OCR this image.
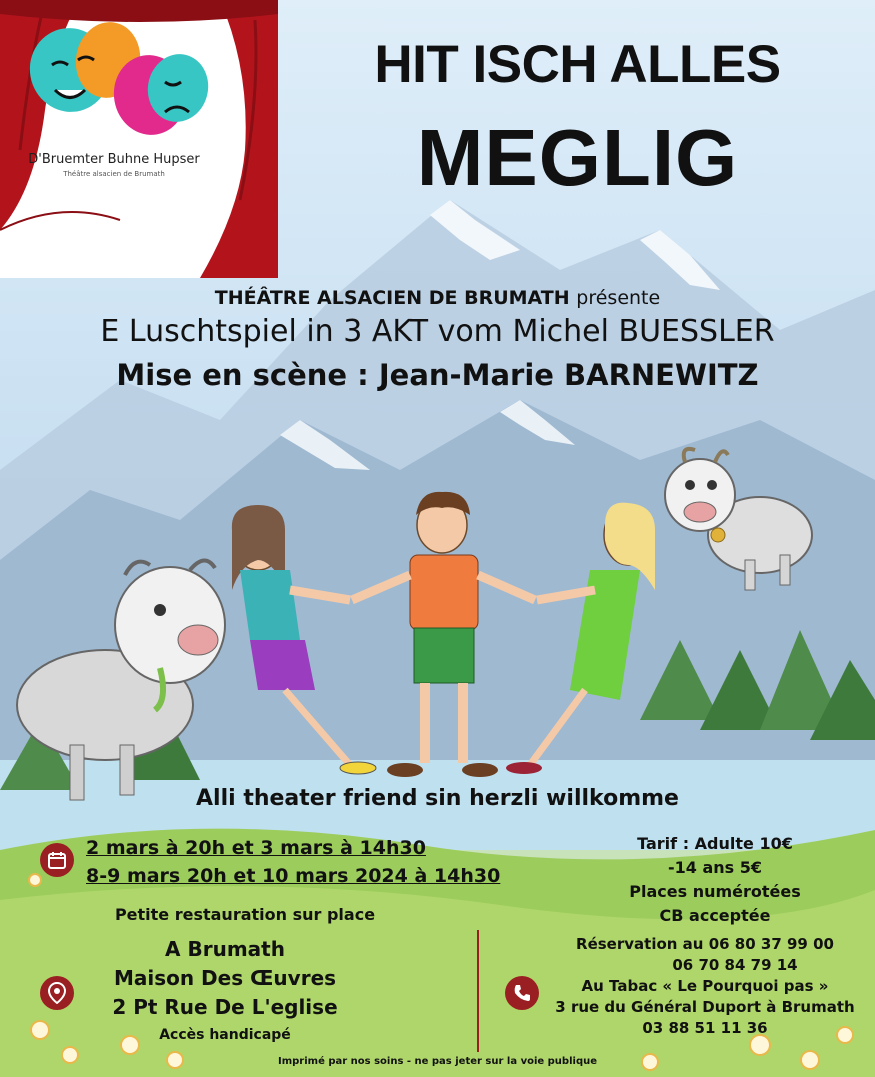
D'Bruemter Buhne Hupser
Théâtre alsacien de Brumath
HIT ISCH ALLES
MEGLIG
THÉÂTRE ALSACIEN DE BRUMATH présente
E Luschtspiel in 3 AKT vom Michel BUESSLER
Mise en scène : Jean-Marie BARNEWITZ
Alli theater friend sin herzli willkomme
2 mars à 20h et 3 mars à 14h30
8-9 mars 20h et 10 mars 2024 à 14h30
Tarif : Adulte 10€
-14 ans 5€
Places numérotées
CB acceptée
Petite restauration sur place
A Brumath
Maison Des Œuvres
2 Pt Rue De L'eglise
Accès handicapé
Réservation au 06 80 37 99 00
06 70 84 79 14
Au Tabac « Le Pourquoi pas »
3 rue du Général Duport à Brumath
03 88 51 11 36
Imprimé par nos soins - ne pas jeter sur la voie publique
